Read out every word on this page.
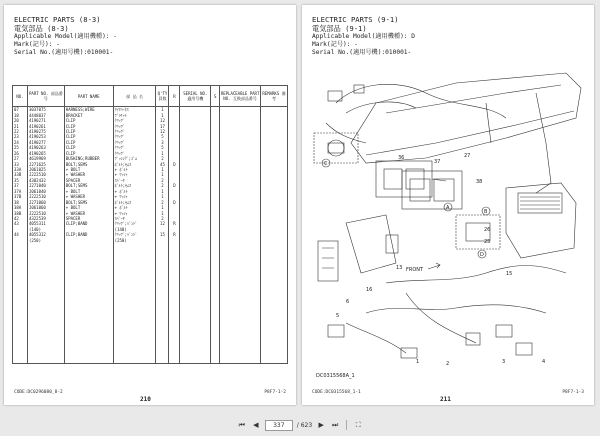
ELECTRIC PARTS (8-3)
電気部品 (8-3)
Applicable Model(適用機種): -
Mark(記号): -
Serial No.(適用号機):010001-
NO.	PART NO. 部品番号	PART NAME	部 品 名	Q'TY 員数	R	SERIAL NO. 適用号機	S	REPLACEABLE PART NO. 互換部品番号	REMARKS 備考
07	3037075	HARNESS;WIRE	ﾜｲﾔﾊｰﾈｽ	1					
18	4448037	BRACKET	ﾌﾞﾗｹｯﾄ	1					
20	4190271	CLIP	ｸﾘｯﾌﾟ	12					
21	4190261	CLIP	ｸﾘｯﾌﾟ	17					
22	4190275	CLIP	ｸﾘｯﾌﾟ	12					
23	4190253	CLIP	ｸﾘｯﾌﾟ	5					
24	4190277	CLIP	ｸﾘｯﾌﾟ	3					
25	4190263	CLIP	ｸﾘｯﾌﾟ	5					
26	4190265	CLIP	ｸﾘｯﾌﾟ	1					
27	4619969	BUSHING;RUBBER	ﾌﾞｯｼﾝｸﾞ;ｺﾞﾑ	2					
33	J271625	BOLT;SEMS	ﾎﾞﾙﾄ;ｾﾑｽ	45	D				
33A	J061025	+ BOLT	+ ﾎﾞﾙﾄ	1					
33B	J222510	+ WASHER	+ ﾜｯｼｬ	1					
35	4382432	SPACER	ｽﾍﾟｰｻ	2					
37	J271040	BOLT;SEMS	ﾎﾞﾙﾄ;ｾﾑｽ	2	D				
37A	J061040	+ BOLT	+ ﾎﾞﾙﾄ	1					
37B	J222510	+ WASHER	+ ﾜｯｼｬ	1					
38	J271060	BOLT;SEMS	ﾎﾞﾙﾄ;ｾﾑｽ	2	D				
38A	J061060	+ BOLT	+ ﾎﾞﾙﾄ	1					
38B	J222510	+ WASHER	+ ﾜｯｼｬ	1					
42	4322539	SPACER	ｽﾍﾟｰｻ	2					
43	4055311	CLIP;BAND	ｸﾘｯﾌﾟ;ﾊﾞﾝﾄﾞ	12	R				
	(140)		(140)						
44	4055312	CLIP;BAND	ｸﾘｯﾌﾟ;ﾊﾞﾝﾄﾞ	15	R				
	(250)		(250)						

CODE:DC0296080_8-2
210
P8F7-1-2
ELECTRIC PARTS (9-1)
電気部品 (9-1)
Applicable Model(適用機種): D
Mark(記号): -
Serial No.(適用号機):010001-
C
A
B
D
27
36
37
38
26
25
15
13
16
6
5
1	2	3	4
FRONT
DC0315568A_1
CODE:DC0315568_1-1
211
P8F7-1-3
⏮	◀	337	/ 623 ▶	⏭	⛶
